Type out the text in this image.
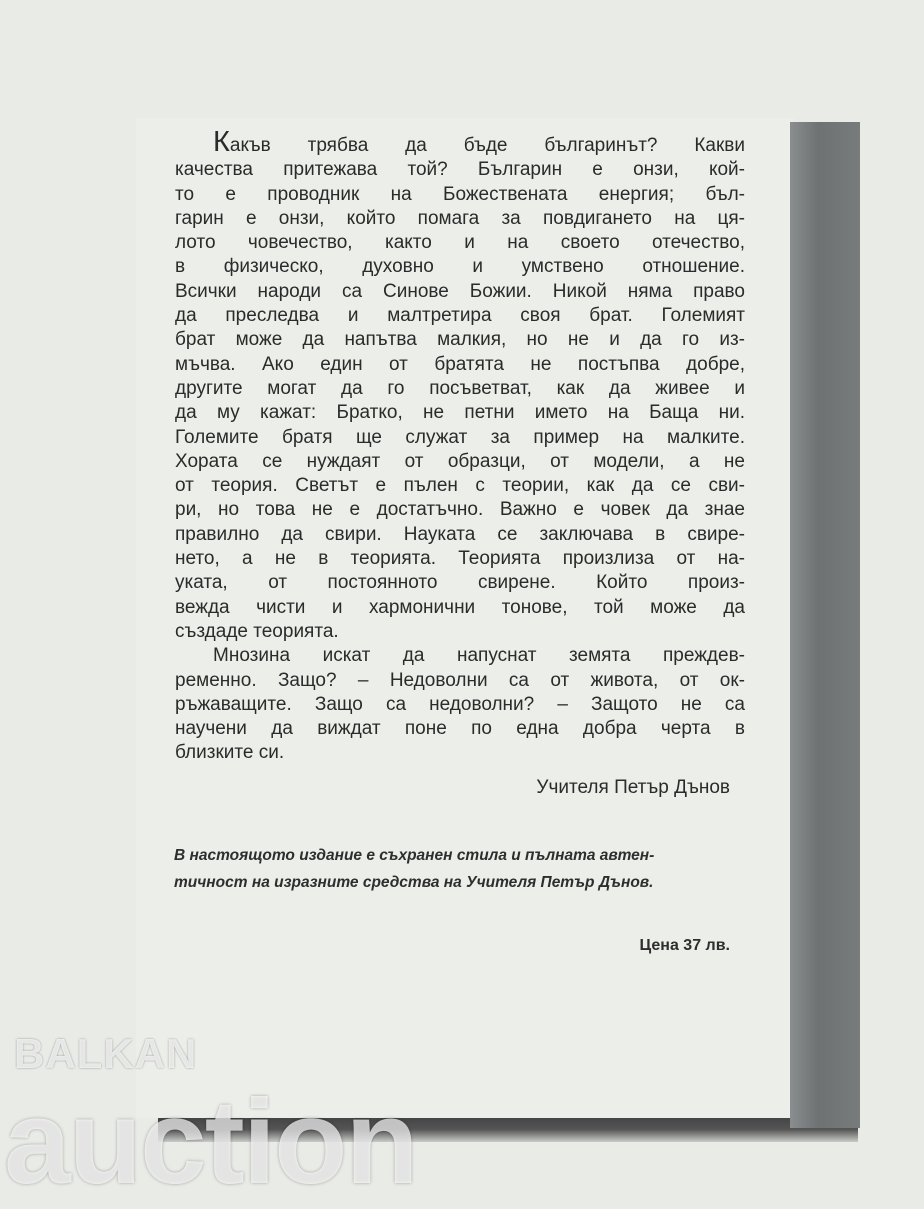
Какъв трябва да бъде българинът? Какви
качества притежава той? Българин е онзи, кой-
то е проводник на Божествената енергия; бъл-
гарин е онзи, който помага за повдигането на ця-
лото човечество, както и на своето отечество,
в физическо, духовно и умствено отношение.
Всички народи са Синове Божии. Никой няма право
да преследва и малтретира своя брат. Големият
брат може да напътва малкия, но не и да го из-
мъчва. Ако един от братята не постъпва добре,
другите могат да го посъветват, как да живее и
да му кажат: Братко, не петни името на Баща ни.
Големите братя ще служат за пример на малките.
Хората се нуждаят от образци, от модели, а не
от теория. Светът е пълен с теории, как да се сви-
ри, но това не е достатъчно. Важно е човек да знае
правилно да свири. Науката се заключава в свире-
нето, а не в теорията. Теорията произлиза от на-
уката, от постоянното свирене. Който произ-
вежда чисти и хармонични тонове, той може да
създаде теорията.
Мнозина искат да напуснат земята преждев-
ременно. Защо? – Недоволни са от живота, от ок-
ръжаващите. Защо са недоволни? – Защото не са
научени да виждат поне по една добра черта в
близките си.
Учителя Петър Дънов
В настоящото издание е съхранен стила и пълната автен-
тичност на изразните средства на Учителя Петър Дънов.
Цена 37 лв.
BALKAN
auction
